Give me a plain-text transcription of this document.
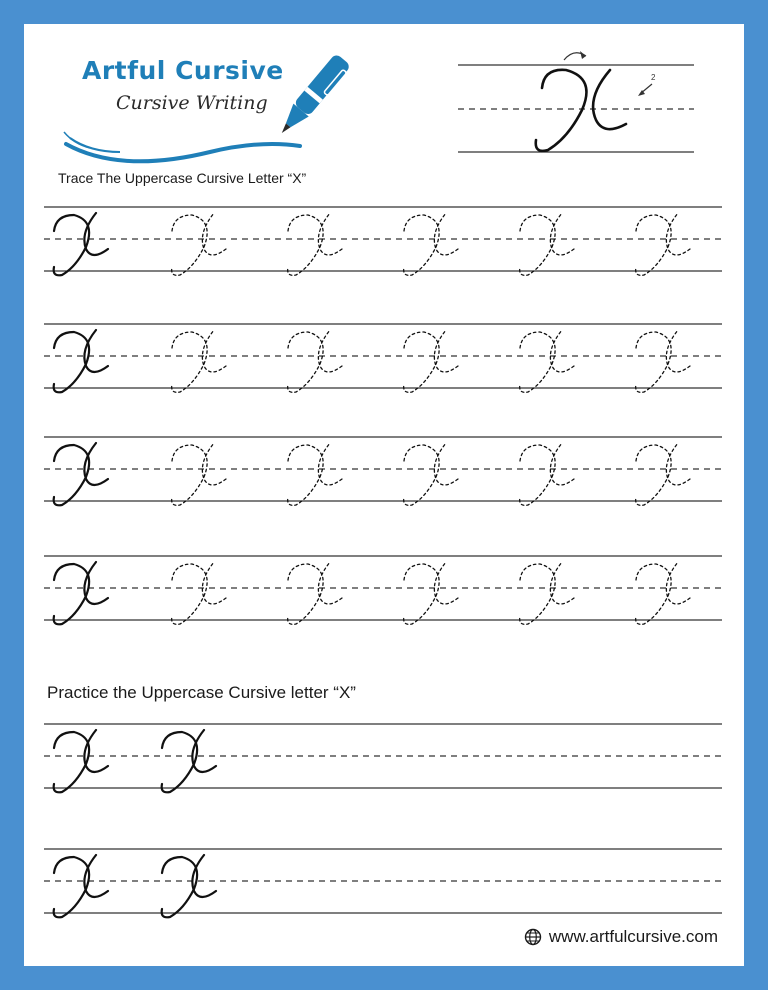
Artful Cursive
Cursive Writing
2
Trace The Uppercase Cursive Letter “X”
Practice the Uppercase Cursive letter “X”
www.artfulcursive.com
